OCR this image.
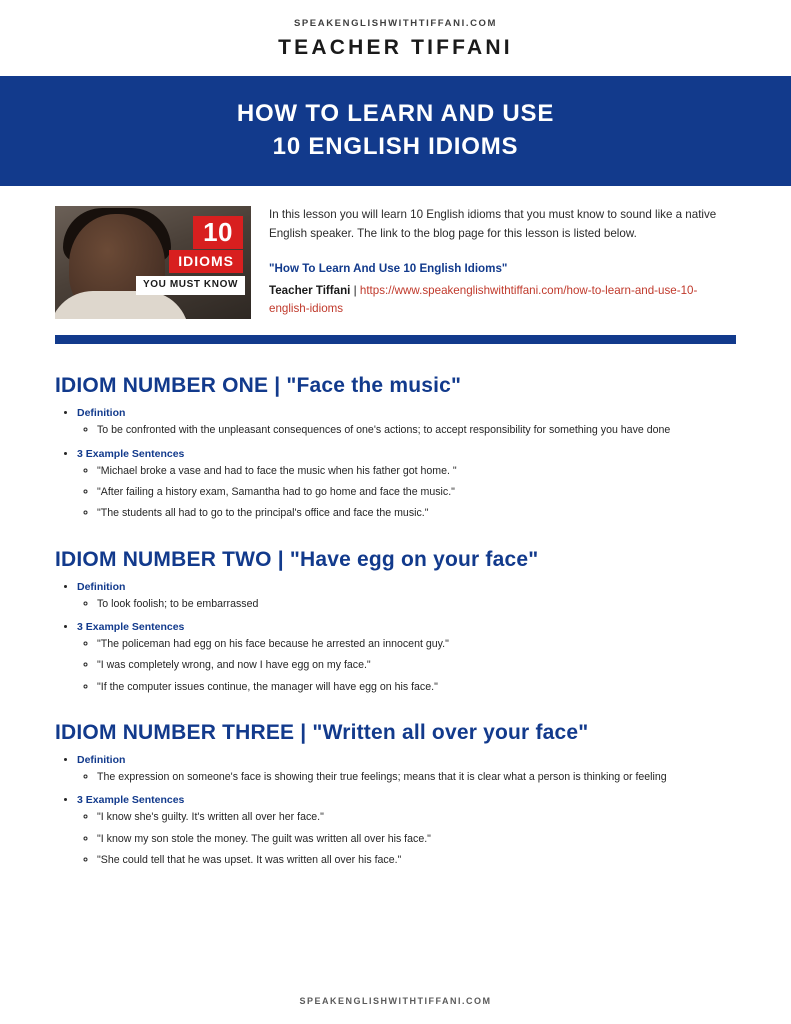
SPEAKENGLISHWITHTIFFANI.COM
TEACHER TIFFANI
HOW TO LEARN AND USE
10 ENGLISH IDIOMS
10
IDIOMS
YOU MUST KNOW

In this lesson you will learn 10 English idioms that you must know to sound like a native English speaker. The link to the blog page for this lesson is listed below.

"How To Learn And Use 10 English Idioms"

Teacher Tiffani | https://www.speakenglishwithtiffani.com/how-to-learn-and-use-10-english-idioms
IDIOM NUMBER ONE | "Face the music"
• Definition
◦ To be confronted with the unpleasant consequences of one's actions; to accept responsibility for something you have done
• 3 Example Sentences
◦ "Michael broke a vase and had to face the music when his father got home. "
◦ "After failing a history exam, Samantha had to go home and face the music."
◦ "The students all had to go to the principal's office and face the music."
IDIOM NUMBER TWO | "Have egg on your face"
• Definition
◦ To look foolish; to be embarrassed
• 3 Example Sentences
◦ "The policeman had egg on his face because he arrested an innocent guy."
◦ "I was completely wrong, and now I have egg on my face."
◦ "If the computer issues continue, the manager will have egg on his face."
IDIOM NUMBER THREE | "Written all over your face"
• Definition
◦ The expression on someone's face is showing their true feelings; means that it is clear what a person is thinking or feeling
• 3 Example Sentences
◦ "I know she's guilty. It's written all over her face."
◦ "I know my son stole the money. The guilt was written all over his face."
◦ "She could tell that he was upset. It was written all over his face."
SPEAKENGLISHWITHTIFFANI.COM
